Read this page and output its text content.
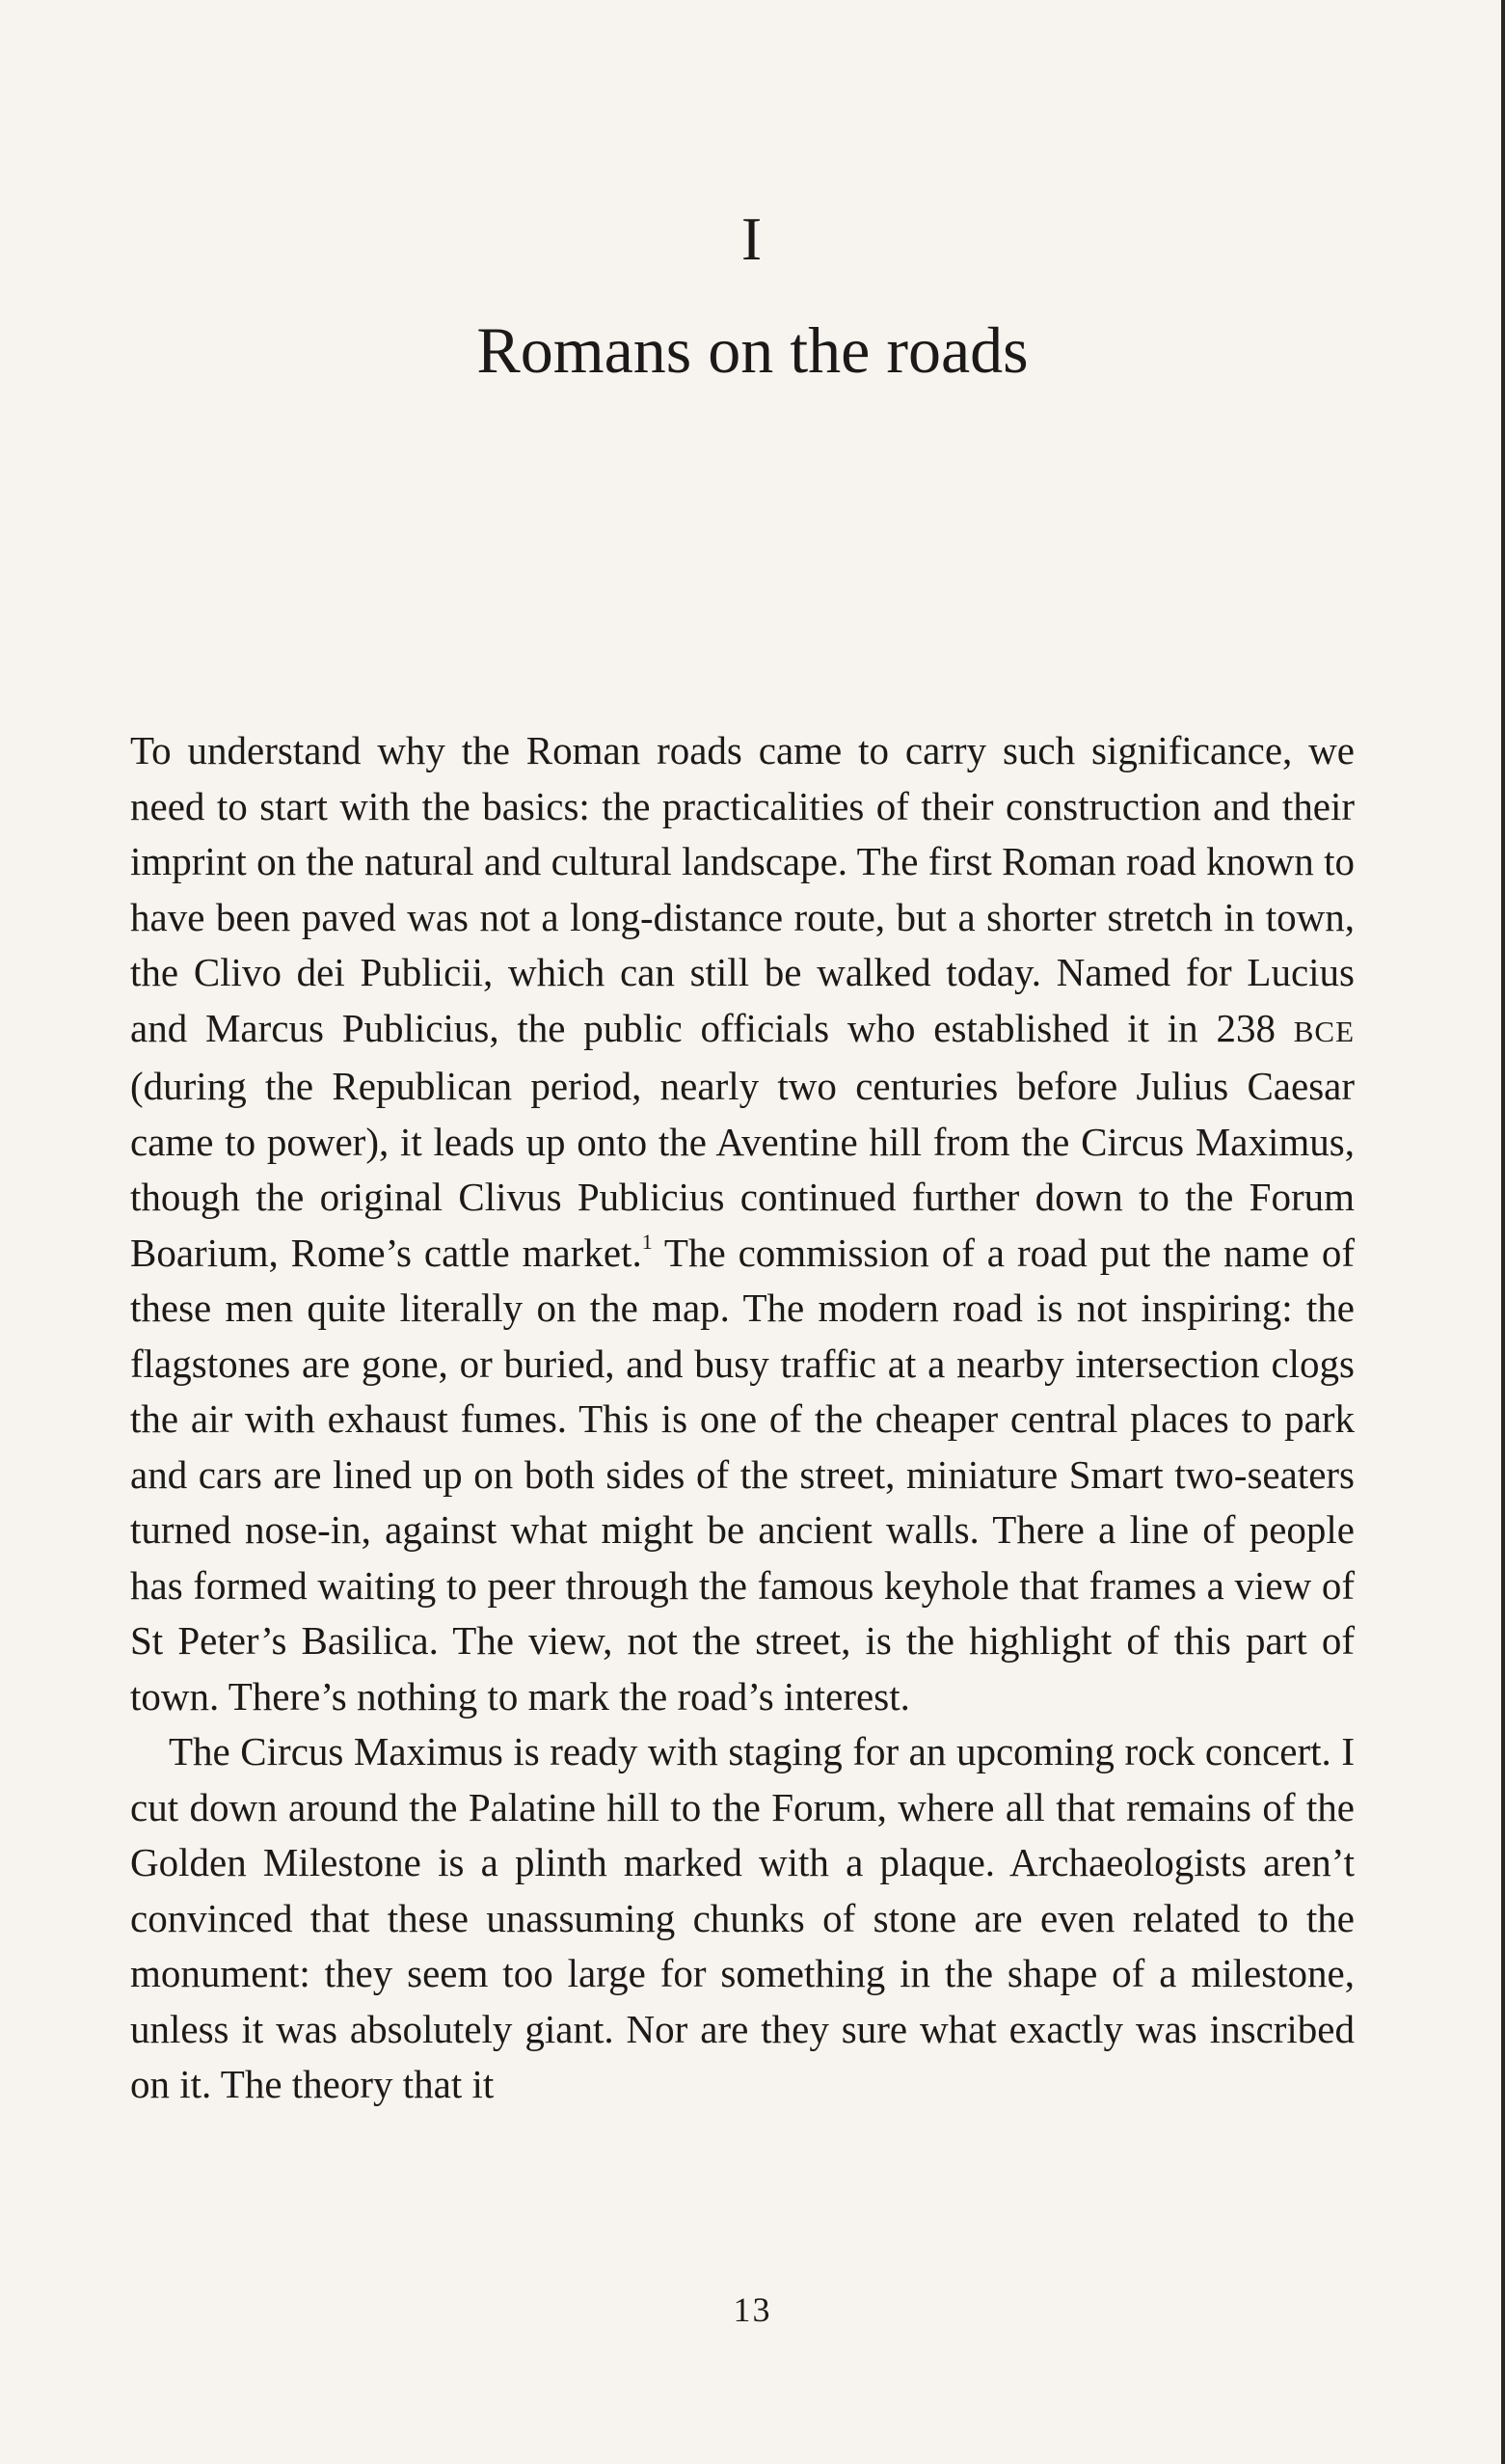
I
Romans on the roads

To understand why the Roman roads came to carry such significance, we need to start with the basics: the practicalities of their construction and their imprint on the natural and cultural landscape. The first Roman road known to have been paved was not a long-distance route, but a shorter stretch in town, the Clivo dei Publicii, which can still be walked today. Named for Lucius and Marcus Publicius, the public officials who established it in 238 BCE (during the Republican period, nearly two centuries before Julius Caesar came to power), it leads up onto the Aventine hill from the Circus Maximus, though the original Clivus Publicius continued further down to the Forum Boarium, Rome’s cattle market.$^1$ The commission of a road put the name of these men quite literally on the map. The modern road is not inspiring: the flagstones are gone, or buried, and busy traffic at a nearby intersection clogs the air with exhaust fumes. This is one of the cheaper central places to park and cars are lined up on both sides of the street, miniature Smart two-seaters turned nose-in, against what might be ancient walls. There a line of people has formed waiting to peer through the famous keyhole that frames a view of St Peter’s Basilica. The view, not the street, is the highlight of this part of town. There’s nothing to mark the road’s interest.

The Circus Maximus is ready with staging for an upcoming rock concert. I cut down around the Palatine hill to the Forum, where all that remains of the Golden Milestone is a plinth marked with a plaque. Archaeologists aren’t convinced that these unassuming chunks of stone are even related to the monument: they seem too large for something in the shape of a milestone, unless it was absolutely giant. Nor are they sure what exactly was inscribed on it. The theory that it

13
